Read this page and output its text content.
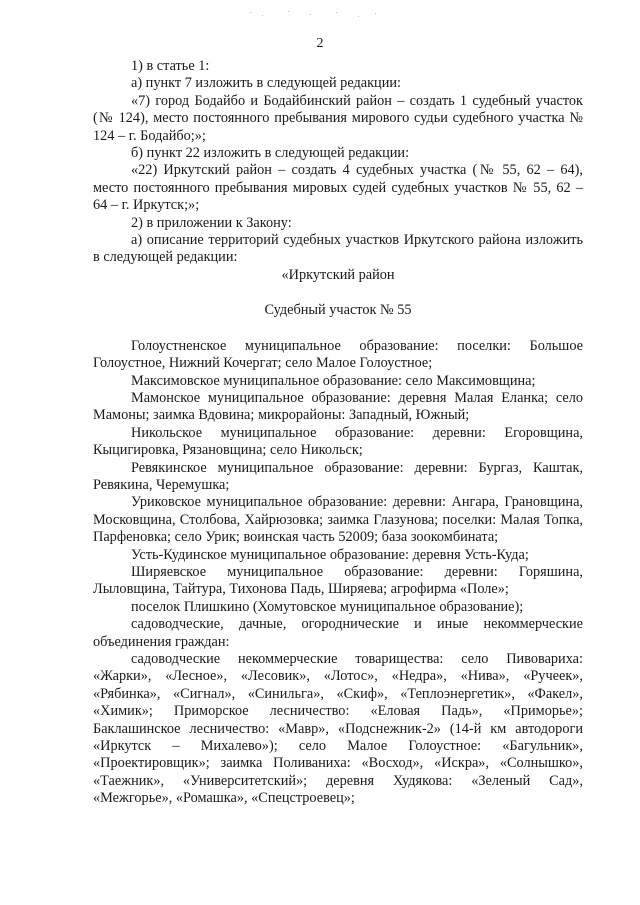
2

1) в статье 1:

а) пункт 7 изложить в следующей редакции:

«7) город Бодайбо и Бодайбинский район – создать 1 судебный участок (№ 124), место постоянного пребывания мирового судьи судебного участка № 124 – г. Бодайбо;»;

б) пункт 22 изложить в следующей редакции:

«22) Иркутский район – создать 4 судебных участка (№ 55, 62 – 64), место постоянного пребывания мировых судей судебных участков № 55, 62 – 64 – г. Иркутск;»;

2) в приложении к Закону:

а) описание территорий судебных участков Иркутского района изложить в следующей редакции:

«Иркутский район

Судебный участок № 55

Голоустненское муниципальное образование: поселки: Большое Голоустное, Нижний Кочергат; село Малое Голоустное;

Максимовское муниципальное образование: село Максимовщина;

Мамонское муниципальное образование: деревня Малая Еланка; село Мамоны; заимка Вдовина; микрорайоны: Западный, Южный;

Никольское муниципальное образование: деревни: Егоровщина, Кыцигировка, Рязановщина; село Никольск;

Ревякинское муниципальное образование: деревни: Бургаз, Каштак, Ревякина, Черемушка;

Уриковское муниципальное образование: деревни: Ангара, Грановщина, Московщина, Столбова, Хайрюзовка; заимка Глазунова; поселки: Малая Топка, Парфеновка; село Урик; воинская часть 52009; база зоокомбината;

Усть-Кудинское муниципальное образование: деревня Усть-Куда;

Ширяевское муниципальное образование: деревни: Горяшина, Лыловщина, Тайтура, Тихонова Падь, Ширяева; агрофирма «Поле»;

поселок Плишкино (Хомутовское муниципальное образование);

садоводческие, дачные, огороднические и иные некоммерческие объединения граждан:

садоводческие некоммерческие товарищества: село Пивовариха: «Жарки», «Лесное», «Лесовик», «Лотос», «Недра», «Нива», «Ручеек», «Рябинка», «Сигнал», «Синильга», «Скиф», «Теплоэнергетик», «Факел», «Химик»; Приморское лесничество: «Еловая Падь», «Приморье»; Баклашинское лесничество: «Мавр», «Подснежник-2» (14-й км автодороги «Иркутск – Михалево»); село Малое Голоустное: «Багульник», «Проектировщик»; заимка Поливаниха: «Восход», «Искра», «Солнышко», «Таежник», «Университетский»; деревня Худякова: «Зеленый Сад», «Межгорье», «Ромашка», «Спецстроевец»;
